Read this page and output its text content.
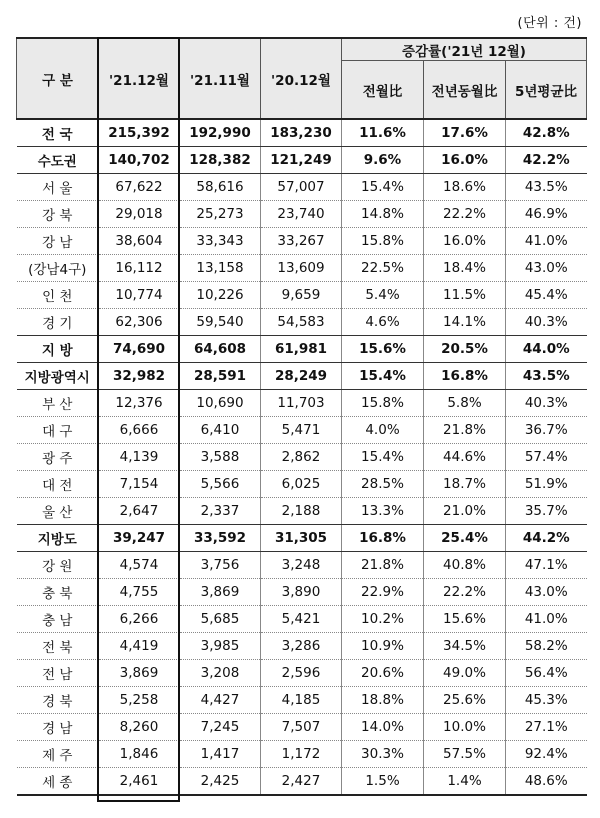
(단위 : 건)
구 분	'21.12월	'21.11월	'20.12월	증감률('21년 12월)		
				전월比	전년동월比	5년평균比
전 국	215,392	192,990	183,230	11.6%	17.6%	42.8%
수도권	140,702	128,382	121,249	9.6%	16.0%	42.2%
서 울	67,622	58,616	57,007	15.4%	18.6%	43.5%
강 북	29,018	25,273	23,740	14.8%	22.2%	46.9%
강 남	38,604	33,343	33,267	15.8%	16.0%	41.0%
(강남4구)	16,112	13,158	13,609	22.5%	18.4%	43.0%
인 천	10,774	10,226	9,659	5.4%	11.5%	45.4%
경 기	62,306	59,540	54,583	4.6%	14.1%	40.3%
지 방	74,690	64,608	61,981	15.6%	20.5%	44.0%
지방광역시	32,982	28,591	28,249	15.4%	16.8%	43.5%
부 산	12,376	10,690	11,703	15.8%	5.8%	40.3%
대 구	6,666	6,410	5,471	4.0%	21.8%	36.7%
광 주	4,139	3,588	2,862	15.4%	44.6%	57.4%
대 전	7,154	5,566	6,025	28.5%	18.7%	51.9%
울 산	2,647	2,337	2,188	13.3%	21.0%	35.7%
지방도	39,247	33,592	31,305	16.8%	25.4%	44.2%
강 원	4,574	3,756	3,248	21.8%	40.8%	47.1%
충 북	4,755	3,869	3,890	22.9%	22.2%	43.0%
충 남	6,266	5,685	5,421	10.2%	15.6%	41.0%
전 북	4,419	3,985	3,286	10.9%	34.5%	58.2%
전 남	3,869	3,208	2,596	20.6%	49.0%	56.4%
경 북	5,258	4,427	4,185	18.8%	25.6%	45.3%
경 남	8,260	7,245	7,507	14.0%	10.0%	27.1%
제 주	1,846	1,417	1,172	30.3%	57.5%	92.4%
세 종	2,461	2,425	2,427	1.5%	1.4%	48.6%
